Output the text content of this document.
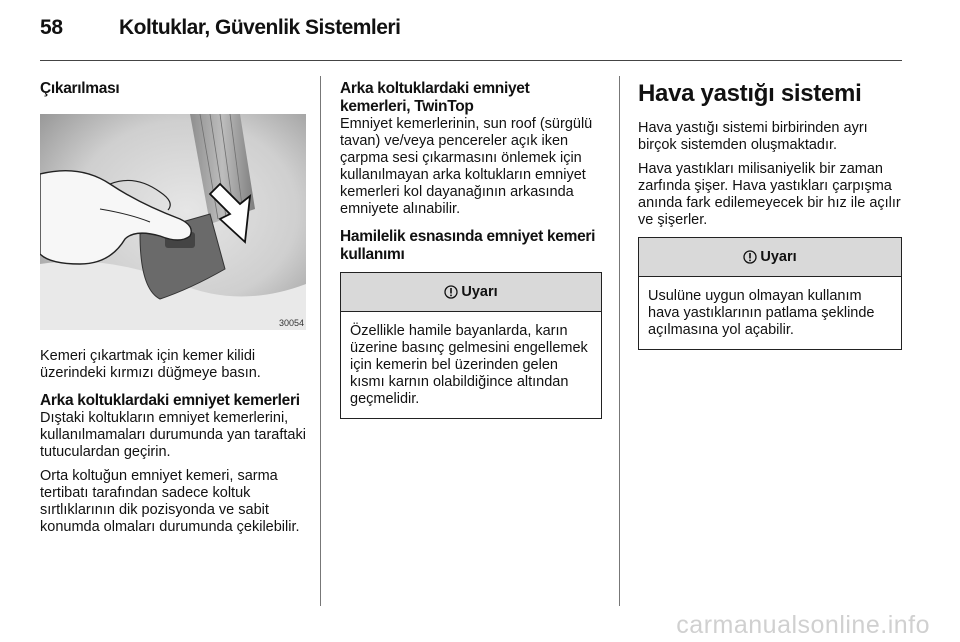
58	Koltuklar, Güvenlik Sistemleri
Çıkarılması
30054

Kemeri çıkartmak için kemer kilidi üzerindeki kırmızı düğmeye basın.

Arka koltuklardaki emniyet kemerleri

Dıştaki koltukların emniyet kemerlerini, kullanılmamaları durumunda yan taraftaki tutuculardan geçirin.

Orta koltuğun emniyet kemeri, sarma tertibatı tarafından sadece koltuk sırtlıklarının dik pozisyonda ve sabit konumda olmaları durumunda çekilebilir.

Arka koltuklardaki emniyet kemerleri, TwinTop

Emniyet kemerlerinin, sun roof (sürgülü tavan) ve/veya pencereler açık iken çarpma sesi çıkarmasını önlemek için kullanılmayan arka koltukların emniyet kemerleri kol dayanağının arkasında emniyete alınabilir.

Hamilelik esnasında emniyet kemeri kullanımı
Uyarı
Özellikle hamile bayanlarda, karın üzerine basınç gelmesini engellemek için kemerin bel üzerinden gelen kısmı karnın olabildiğince altından geçmelidir.
Hava yastığı sistemi

Hava yastığı sistemi birbirinden ayrı birçok sistemden oluşmaktadır.

Hava yastıkları milisaniyelik bir zaman zarfında şişer. Hava yastıkları çarpışma anında fark edilemeyecek bir hız ile açılır ve şişerler.

Uyarı
Usulüne uygun olmayan kullanım hava yastıklarının patlama şeklinde açılmasına yol açabilir.
carmanualsonline.info
